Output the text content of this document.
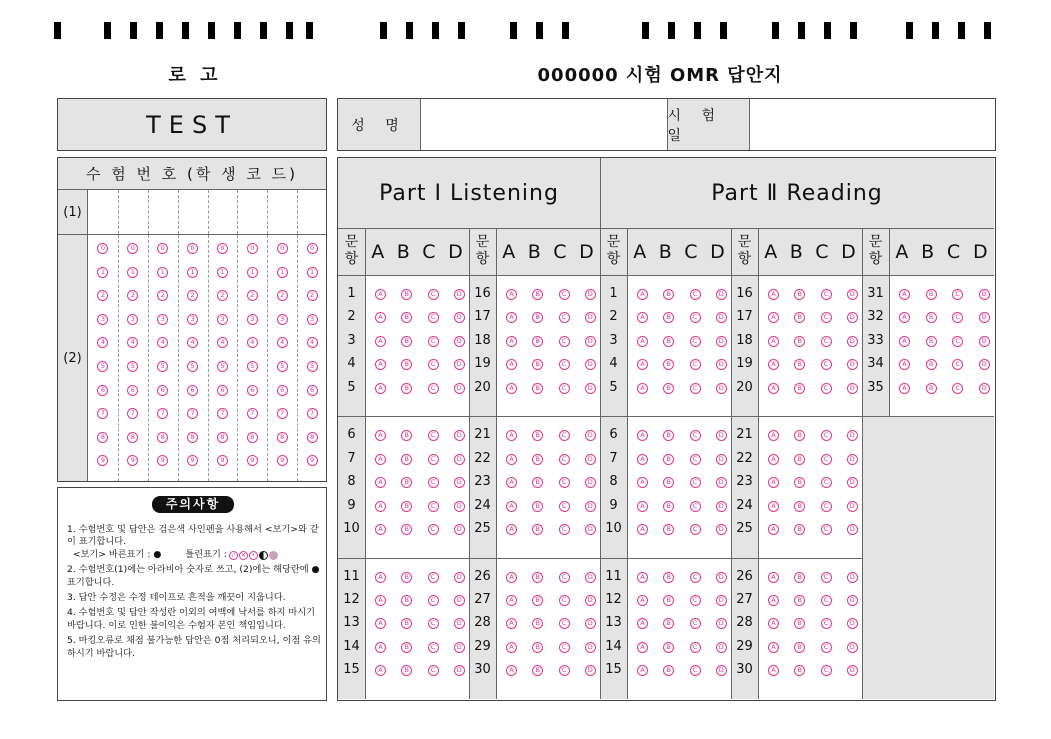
로 고	000000 시험 OMR 답안지
TEST	성 명
시 험 일
수 험 번 호 (학 생 코 드)
(1)
(2)
0	0	0	0	0	0	0	0
1	1	1	1	1	1	1	1
2	2	2	2	2	2	2	2
3	3	3	3	3	3	3	3
4	4	4	4	4	4	4	4
5	5	5	5	5	5	5	5
6	6	6	6	6	6	6	6
7	7	7	7	7	7	7	7
8	8	8	8	8	8	8	8
9	9	9	9	9	9	9	9
주의사항
1. 수험번호 및 답안은 검은색 사인펜을 사용해서 <보기>와 같이 표기합니다.

<보기> 바른표기 : ●	틀린표기 : ✓ ✕ •
2. 수험번호(1)에는 아라비아 숫자로 쓰고, (2)에는 해당란에 ●표기합니다.
3. 답안 수정은 수정 테이프로 흔적을 깨끗이 지웁니다.
4. 수험번호 및 답안 작성란 이외의 여백에 낙서를 하지 마시기 바랍니다. 이로 인한 불이익은 수험자 본인 책임입니다.
5. 마킹오류로 채점 불가능한 답안은 0점 처리되오니, 이점 유의하시기 바랍니다.
Part Ⅰ Listening	Part Ⅱ Reading
문
항 A B C D 문
항 A B C D 문
항 A B C D 문
항 A B C D 문
항 A B C D
1	A	B	C	D
2	A	B	C	D
3	A	B	C	D
4	A	B	C	D
5	A	B	C	D
6	A	B	C	D
7	A	B	C	D
8	A	B	C	D
9	A	B	C	D
10	A	B	C	D
11	A	B	C	D
12	A	B	C	D
13	A	B	C	D
14	A	B	C	D
15	A	B	C	D
16	A	B	C	D
17	A	B	C	D
18	A	B	C	D
19	A	B	C	D
20	A	B	C	D
21	A	B	C	D
22	A	B	C	D
23	A	B	C	D
24	A	B	C	D
25	A	B	C	D
26	A	B	C	D
27	A	B	C	D
28	A	B	C	D
29	A	B	C	D
30	A	B	C	D
1	A	B	C	D
2	A	B	C	D
3	A	B	C	D
4	A	B	C	D
5	A	B	C	D
6	A	B	C	D
7	A	B	C	D
8	A	B	C	D
9	A	B	C	D
10	A	B	C	D
11	A	B	C	D
12	A	B	C	D
13	A	B	C	D
14	A	B	C	D
15	A	B	C	D
16	A	B	C	D
17	A	B	C	D
18	A	B	C	D
19	A	B	C	D
20	A	B	C	D
21	A	B	C	D
22	A	B	C	D
23	A	B	C	D
24	A	B	C	D
25	A	B	C	D
26	A	B	C	D
27	A	B	C	D
28	A	B	C	D
29	A	B	C	D
30	A	B	C	D
31	A	B	C	D
32	A	B	C	D
33	A	B	C	D
34	A	B	C	D
35	A	B	C	D
